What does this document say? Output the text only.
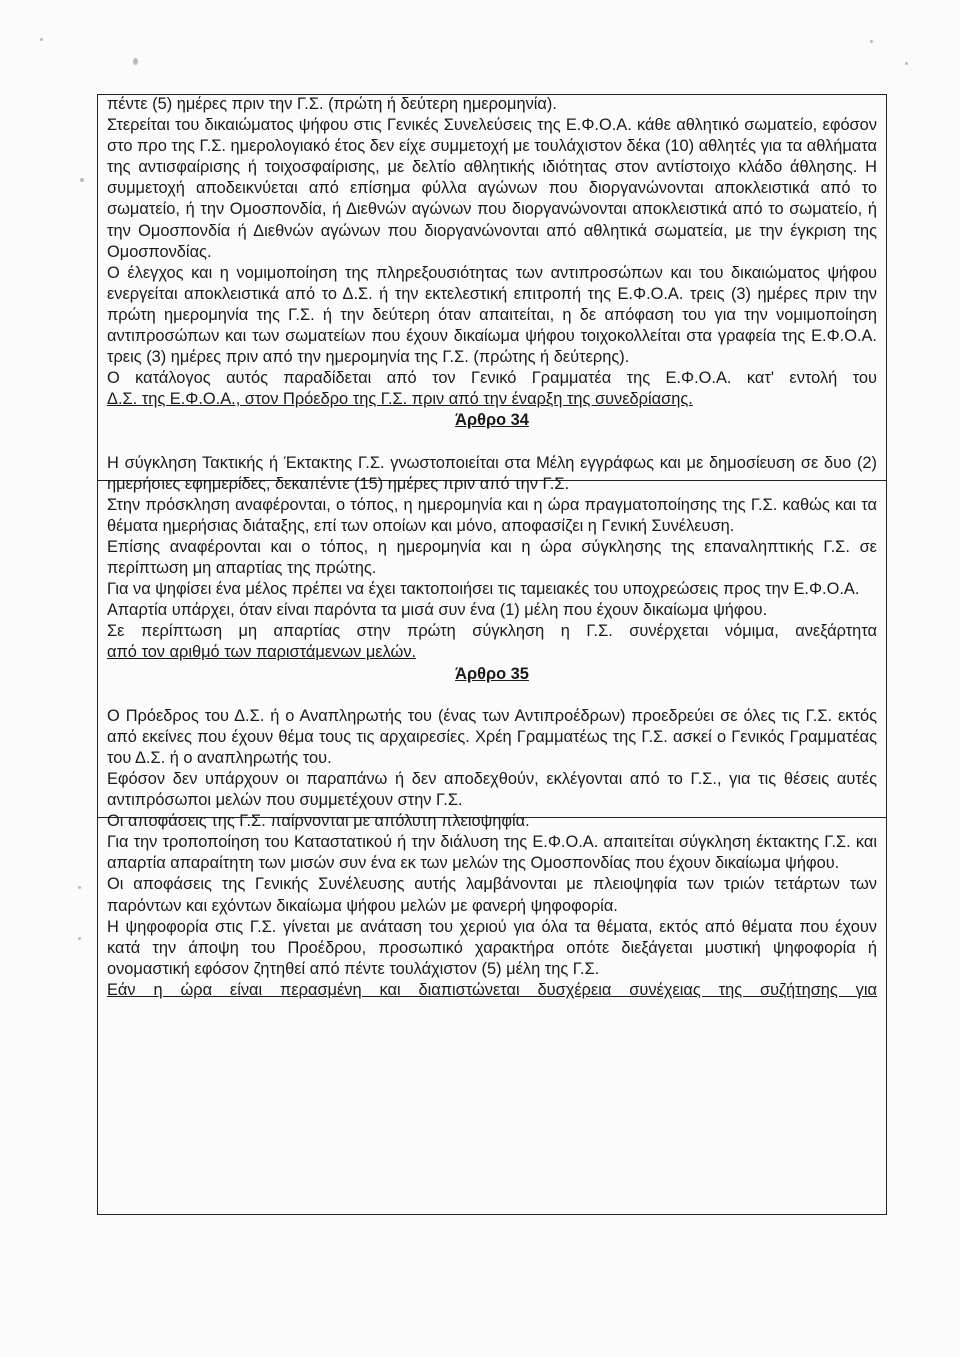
πέντε (5) ημέρες πριν την Γ.Σ. (πρώτη ή δεύτερη ημερομηνία).

Στερείται του δικαιώματος ψήφου στις Γενικές Συνελεύσεις της Ε.Φ.Ο.Α. κάθε αθλητικό σωματείο, εφόσον στο προ της Γ.Σ. ημερολογιακό έτος δεν είχε συμμετοχή με τουλάχιστον δέκα (10) αθλητές για τα αθλήματα της αντισφαίρισης ή τοιχοσφαίρισης, με δελτίο αθλητικής ιδιότητας στον αντίστοιχο κλάδο άθλησης. Η συμμετοχή αποδεικνύεται από επίσημα φύλλα αγώνων που διοργανώνονται αποκλειστικά από το σωματείο, ή την Ομοσπονδία, ή Διεθνών αγώνων που διοργανώνονται αποκλειστικά από το σωματείο, ή την Ομοσπονδία ή Διεθνών αγώνων που διοργανώνονται από αθλητικά σωματεία, με την έγκριση της Ομοσπονδίας.

Ο έλεγχος και η νομιμοποίηση της πληρεξουσιότητας των αντιπροσώπων και του δικαιώματος ψήφου ενεργείται αποκλειστικά από το Δ.Σ. ή την εκτελεστική επιτροπή της Ε.Φ.Ο.Α. τρεις (3) ημέρες πριν την πρώτη ημερομηνία της Γ.Σ. ή την δεύτερη όταν απαιτείται, η δε απόφαση του για την νομιμοποίηση αντιπροσώπων και των σωματείων που έχουν δικαίωμα ψήφου τοιχοκολλείται στα γραφεία της Ε.Φ.Ο.Α. τρεις (3) ημέρες πριν από την ημερομηνία της Γ.Σ. (πρώτης ή δεύτερης).

Ο κατάλογος αυτός παραδίδεται από τον Γενικό Γραμματέα της Ε.Φ.Ο.Α. κατ' εντολή του

Δ.Σ. της Ε.Φ.Ο.Α., στον Πρόεδρο της Γ.Σ. πριν από την έναρξη της συνεδρίασης.

Άρθρο 34

Η σύγκληση Τακτικής ή Έκτακτης Γ.Σ. γνωστοποιείται στα Μέλη εγγράφως και με δημοσίευση σε δυο (2) ημερήσιες εφημερίδες, δεκαπέντε (15) ημέρες πριν από την Γ.Σ.

Στην πρόσκληση αναφέρονται, ο τόπος, η ημερομηνία και η ώρα πραγματοποίησης της Γ.Σ. καθώς και τα θέματα ημερήσιας διάταξης, επί των οποίων και μόνο, αποφασίζει η Γενική Συνέλευση.

Επίσης αναφέρονται και ο τόπος, η ημερομηνία και η ώρα σύγκλησης της επαναληπτικής Γ.Σ. σε περίπτωση μη απαρτίας της πρώτης.

Για να ψηφίσει ένα μέλος πρέπει να έχει τακτοποιήσει τις ταμειακές του υποχρεώσεις προς την Ε.Φ.Ο.Α.

Απαρτία υπάρχει, όταν είναι παρόντα τα μισά συν ένα (1) μέλη που έχουν δικαίωμα ψήφου.

Σε περίπτωση μη απαρτίας στην πρώτη σύγκληση η Γ.Σ. συνέρχεται νόμιμα, ανεξάρτητα

από τον αριθμό των παριστάμενων μελών.

Άρθρο 35

Ο Πρόεδρος του Δ.Σ. ή ο Αναπληρωτής του (ένας των Αντιπροέδρων) προεδρεύει σε όλες τις Γ.Σ. εκτός από εκείνες που έχουν θέμα τους τις αρχαιρεσίες. Χρέη Γραμματέως της Γ.Σ. ασκεί ο Γενικός Γραμματέας του Δ.Σ. ή ο αναπληρωτής του.

Εφόσον δεν υπάρχουν οι παραπάνω ή δεν αποδεχθούν, εκλέγονται από το Γ.Σ., για τις θέσεις αυτές αντιπρόσωποι μελών που συμμετέχουν στην Γ.Σ.

Οι αποφάσεις της Γ.Σ. παίρνονται με απόλυτη πλειοψηφία.

Για την τροποποίηση του Καταστατικού ή την διάλυση της Ε.Φ.Ο.Α. απαιτείται σύγκληση έκτακτης Γ.Σ. και απαρτία απαραίτητη των μισών συν ένα εκ των μελών της Ομοσπονδίας που έχουν δικαίωμα ψήφου.

Οι αποφάσεις της Γενικής Συνέλευσης αυτής λαμβάνονται με πλειοψηφία των τριών τετάρτων των παρόντων και εχόντων δικαίωμα ψήφου μελών με φανερή ψηφοφορία.

Η ψηφοφορία στις Γ.Σ. γίνεται με ανάταση του χεριού για όλα τα θέματα, εκτός από θέματα που έχουν κατά την άποψη του Προέδρου, προσωπικό χαρακτήρα οπότε διεξάγεται μυστική ψηφοφορία ή ονομαστική εφόσον ζητηθεί από πέντε τουλάχιστον (5) μέλη της Γ.Σ.

Εάν η ώρα είναι περασμένη και διαπιστώνεται δυσχέρεια συνέχειας της συζήτησης για
